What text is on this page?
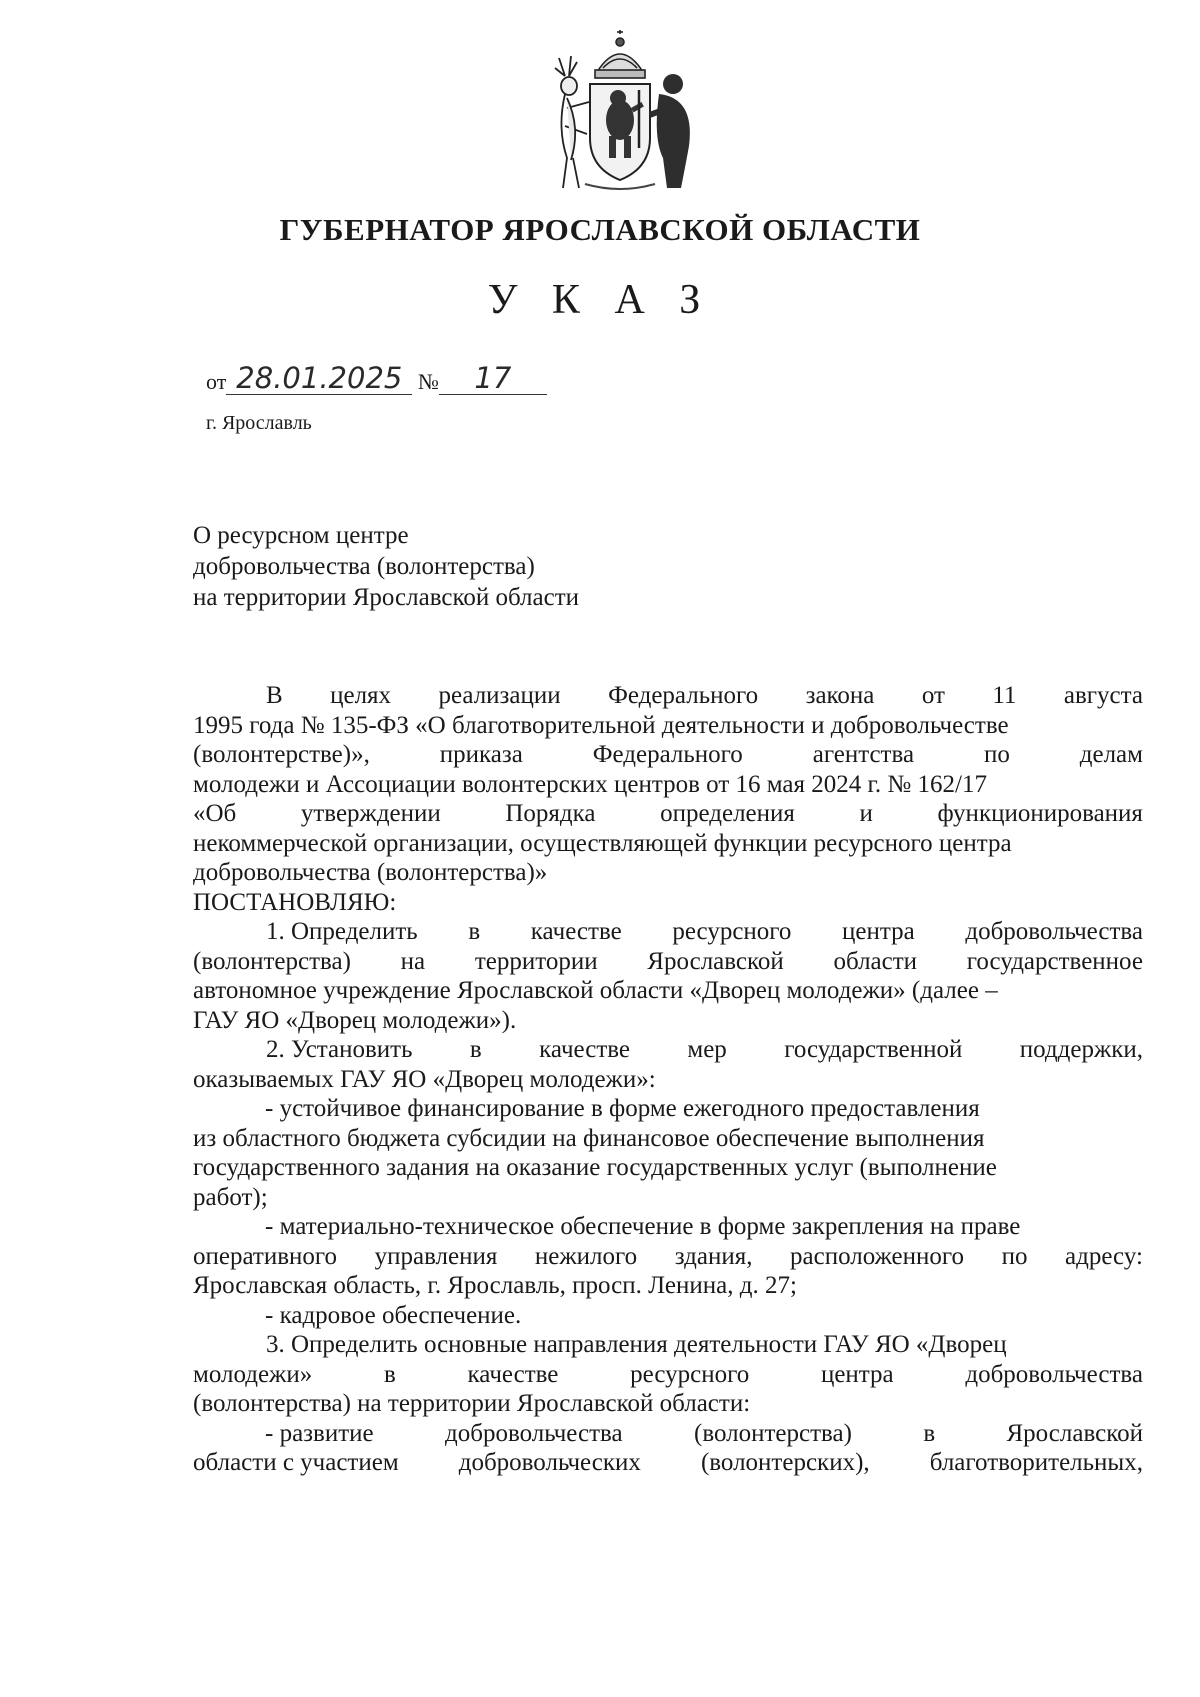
ГУБЕРНАТОР ЯРОСЛАВСКОЙ ОБЛАСТИ
У К А З
от 28.01.2025 № 17
г. Ярославль
О ресурсном центре
добровольчества (волонтерства)
на территории Ярославской области
В целях реализации Федерального закона от 11 августа
1995 года № 135-ФЗ «О благотворительной деятельности и добровольчестве
(волонтерстве)»,	приказа	Федерального	агентства	по	делам
молодежи и Ассоциации волонтерских центров от 16 мая 2024 г. № 162/17
«Об	утверждении	Порядка	определения	и	функционирования
некоммерческой организации, осуществляющей функции ресурсного центра
добровольчества (волонтерства)»
ПОСТАНОВЛЯЮ:
1. Определить в качестве ресурсного центра добровольчества
(волонтерства) на территории Ярославской области государственное
автономное учреждение Ярославской области «Дворец молодежи» (далее –
ГАУ ЯО «Дворец молодежи»).
2. Установить в качестве мер государственной поддержки,
оказываемых ГАУ ЯО «Дворец молодежи»:
- устойчивое финансирование в форме ежегодного предоставления
из областного бюджета субсидии на финансовое обеспечение выполнения
государственного задания на оказание государственных услуг (выполнение
работ);
- материально-техническое обеспечение в форме закрепления на праве
оперативного управления нежилого здания, расположенного по адресу:
Ярославская область, г. Ярославль, просп. Ленина, д. 27;
- кадровое обеспечение.
3. Определить основные направления деятельности ГАУ ЯО «Дворец
молодежи»	в	качестве	ресурсного	центра	добровольчества
(волонтерства) на территории Ярославской области:
- развитие	добровольчества	(волонтерства)	в	Ярославской
области с участием добровольческих (волонтерских), благотворительных,
